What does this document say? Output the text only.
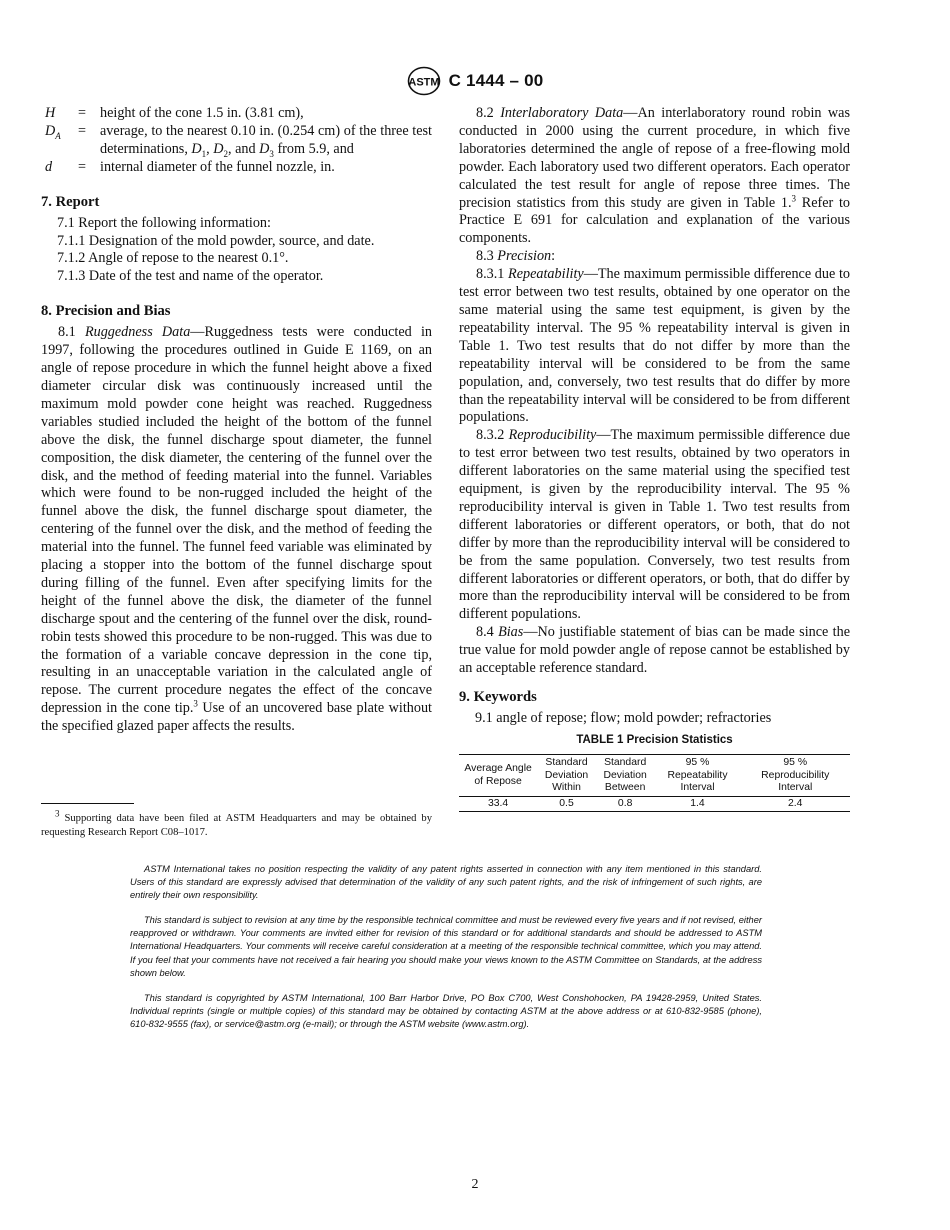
ASTM C 1444 – 00
H	=	height of the cone 1.5 in. (3.81 cm),
$D_A$	=	average, to the nearest 0.10 in. (0.254 cm) of the three test determinations, $D_1$, $D_2$, and $D_3$ from 5.9, and
d	=	internal diameter of the funnel nozzle, in.
7. Report

7.1 Report the following information:

7.1.1 Designation of the mold powder, source, and date.

7.1.2 Angle of repose to the nearest 0.1°.

7.1.3 Date of the test and name of the operator.

8. Precision and Bias

8.1 Ruggedness Data—Ruggedness tests were conducted in 1997, following the procedures outlined in Guide E 1169, on an angle of repose procedure in which the funnel height above a fixed diameter circular disk was continuously increased until the maximum mold powder cone height was reached. Ruggedness variables studied included the height of the bottom of the funnel above the disk, the funnel discharge spout diameter, the funnel composition, the disk diameter, the centering of the funnel over the disk, and the method of feeding material into the funnel. Variables which were found to be non-rugged included the height of the funnel above the disk, the funnel discharge spout diameter, the centering of the funnel over the disk, and the method of feeding the material into the funnel. The funnel feed variable was eliminated by placing a stopper into the bottom of the funnel discharge spout during filling of the funnel. Even after specifying limits for the height of the funnel above the disk, the diameter of the funnel discharge spout and the centering of the funnel over the disk, round-robin tests showed this procedure to be non-rugged. This was due to the formation of a variable concave depression in the cone tip, resulting in an unacceptable variation in the calculated angle of repose. The current procedure negates the effect of the concave depression in the cone tip.$^3$ Use of an uncovered base plate without the specified glazed paper affects the results.

8.2 Interlaboratory Data—An interlaboratory round robin was conducted in 2000 using the current procedure, in which five laboratories determined the angle of repose of a free-flowing mold powder. Each laboratory used two different operators. Each operator calculated the test result for angle of repose three times. The precision statistics from this study are given in Table 1.$^3$ Refer to Practice E 691 for calculation and explanation of the various components.

8.3 Precision:

8.3.1 Repeatability—The maximum permissible difference due to test error between two test results, obtained by one operator on the same material using the same test equipment, is given by the repeatability interval. The 95 % repeatability interval is given in Table 1. Two test results that do not differ by more than the repeatability interval will be considered to be from the same population, and, conversely, two test results that do differ by more than the repeatability interval will be considered to be from different populations.

8.3.2 Reproducibility—The maximum permissible difference due to test error between two test results, obtained by two operators in different laboratories on the same material using the specified test equipment, is given by the reproducibility interval. The 95 % reproducibility interval is given in Table 1. Two test results from different laboratories or different operators, or both, that do not differ by more than the reproducibility interval will be considered to be from the same population. Conversely, two test results from different laboratories or different operators, or both, that do differ by more than the reproducibility interval will be considered to be from different populations.

8.4 Bias—No justifiable statement of bias can be made since the true value for mold powder angle of repose cannot be established by an acceptable reference standard.

9. Keywords

9.1 angle of repose; flow; mold powder; refractories

TABLE 1 Precision Statistics
Average Angle
of Repose	Standard
Deviation
Within	Standard
Deviation
Between	95 %
Repeatability
Interval	95 %
Reproducibility
Interval
33.4	0.5	0.8	1.4	2.4
$^3$ Supporting data have been filed at ASTM Headquarters and may be obtained by requesting Research Report C08–1017.

ASTM International takes no position respecting the validity of any patent rights asserted in connection with any item mentioned in this standard. Users of this standard are expressly advised that determination of the validity of any such patent rights, and the risk of infringement of such rights, are entirely their own responsibility.

This standard is subject to revision at any time by the responsible technical committee and must be reviewed every five years and if not revised, either reapproved or withdrawn. Your comments are invited either for revision of this standard or for additional standards and should be addressed to ASTM International Headquarters. Your comments will receive careful consideration at a meeting of the responsible technical committee, which you may attend. If you feel that your comments have not received a fair hearing you should make your views known to the ASTM Committee on Standards, at the address shown below.

This standard is copyrighted by ASTM International, 100 Barr Harbor Drive, PO Box C700, West Conshohocken, PA 19428-2959, United States. Individual reprints (single or multiple copies) of this standard may be obtained by contacting ASTM at the above address or at 610-832-9585 (phone), 610-832-9555 (fax), or service@astm.org (e-mail); or through the ASTM website (www.astm.org).

2
